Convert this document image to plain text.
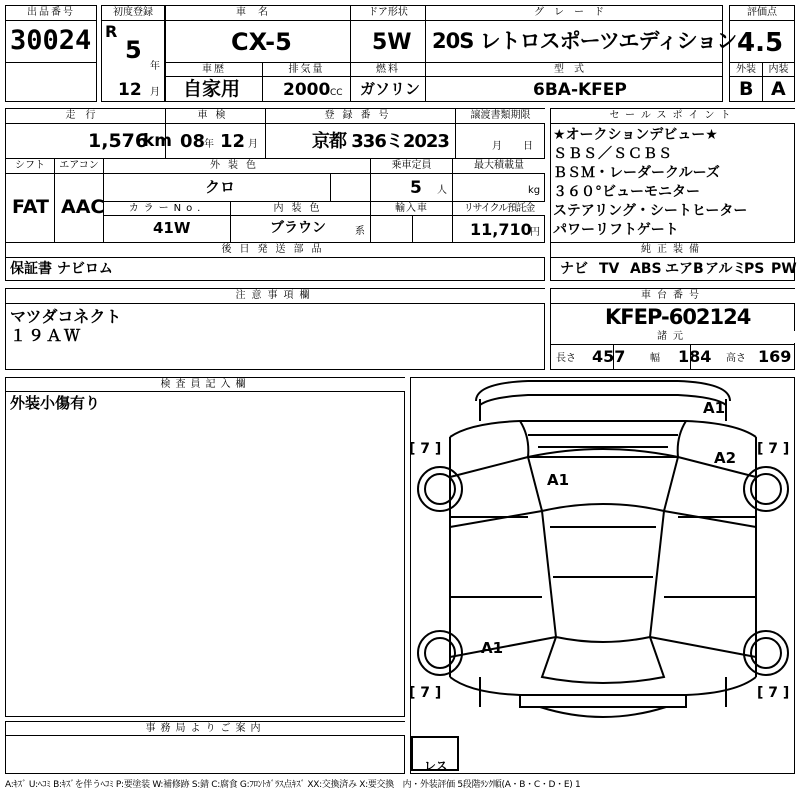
出品番号
30024
初度登録
R
5
年
12 月
車名
CX-5
ドア形状
5W
グレード
20S レトロスポーツエディション
車歴
自家用
排気量
2000 CC
燃料
ガソリン
型式
6BA-KFEP
評価点
4.5
外装	内装
B A
走行
1,576
km
車検
08
年 12 月
登録番号
京都 336ミ2023
譲渡書類期限
月 日
シフト
FAT
エアコン
AAC
外装色
クロ
乗車定員
5 人
最大積載量
kg
カラーNo.
41W
内装色
ブラウン	系
輸入車	リサイクル預託金
11,710
円
後日発送部品
保証書 ナビロム
セールスポイント
★オークションデビュー★
ＳＢＳ／ＳＣＢＳ
ＢＳＭ・レーダークルーズ
３６０°ビューモニター
ステアリング・シートヒーター
パワーリフトゲート
純正装備
ナビ TV ABS エアB アルミ
PS PW
注意事項欄
マツダコネクト
１９ＡＷ
車台番号
KFEP-602124
諸元
長さ 457 幅 184 高さ 169
検査員記入欄
外装小傷有り
事務局よりご案内
A1
A2
A1
A1
[ 7 ]	[ 7 ]
[ 7 ]	[ 7 ]
レス
A:ｷｽﾞ U:ﾍｺﾐ B:ｷｽﾞを伴うﾍｺﾐ P:要塗装 W:補修跡 S:錆 C:腐食 G:ﾌﾛﾝﾄｶﾞﾗｽ点ｷｽﾞ XX:交換済み X:要交換　内・外装評価 5段階ﾗﾝｸ順(A・B・C・D・E) 1
